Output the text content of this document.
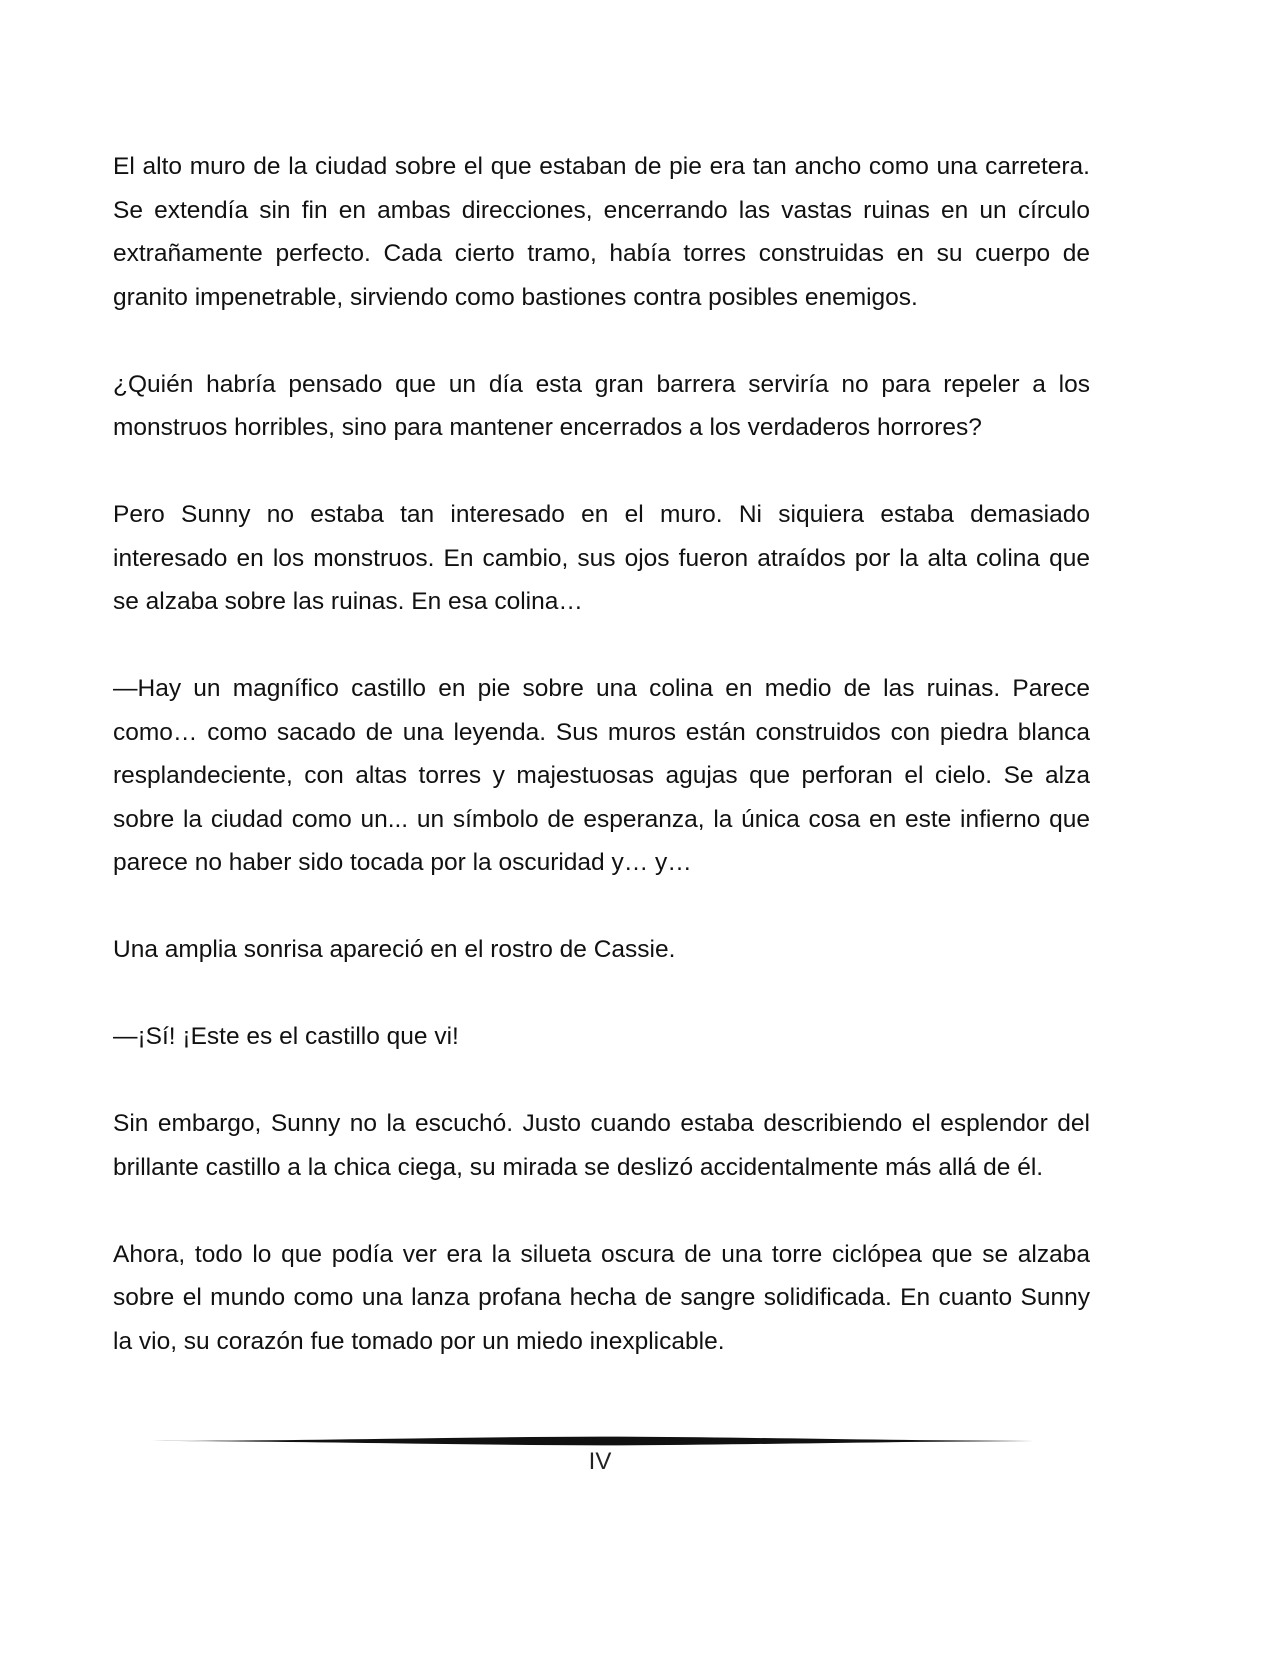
El alto muro de la ciudad sobre el que estaban de pie era tan ancho como una carretera. Se extendía sin fin en ambas direcciones, encerrando las vastas ruinas en un círculo extrañamente perfecto. Cada cierto tramo, había torres construidas en su cuerpo de granito impenetrable, sirviendo como bastiones contra posibles enemigos.

¿Quién habría pensado que un día esta gran barrera serviría no para repeler a los monstruos horribles, sino para mantener encerrados a los verdaderos horrores?

Pero Sunny no estaba tan interesado en el muro. Ni siquiera estaba demasiado interesado en los monstruos. En cambio, sus ojos fueron atraídos por la alta colina que se alzaba sobre las ruinas. En esa colina…

—Hay un magnífico castillo en pie sobre una colina en medio de las ruinas. Parece como… como sacado de una leyenda. Sus muros están construidos con piedra blanca resplandeciente, con altas torres y majestuosas agujas que perforan el cielo. Se alza sobre la ciudad como un... un símbolo de esperanza, la única cosa en este infierno que parece no haber sido tocada por la oscuridad y… y…

Una amplia sonrisa apareció en el rostro de Cassie.

—¡Sí! ¡Este es el castillo que vi!

Sin embargo, Sunny no la escuchó. Justo cuando estaba describiendo el esplendor del brillante castillo a la chica ciega, su mirada se deslizó accidentalmente más allá de él.

Ahora, todo lo que podía ver era la silueta oscura de una torre ciclópea que se alzaba sobre el mundo como una lanza profana hecha de sangre solidificada. En cuanto Sunny la vio, su corazón fue tomado por un miedo inexplicable.

IV
